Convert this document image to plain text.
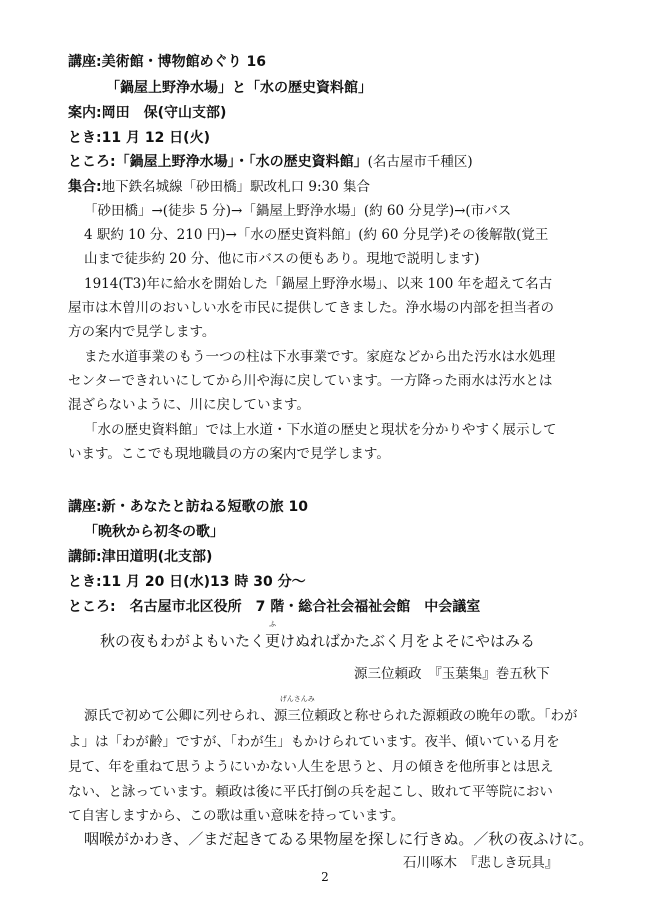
講座:美術館・博物館めぐり 16
「鍋屋上野浄水場」と「水の歴史資料館」
案内:岡田　保(守山支部)
とき:11 月 12 日(火)
ところ:「鍋屋上野浄水場」・「水の歴史資料館」(名古屋市千種区)
集合:地下鉄名城線「砂田橋」駅改札口 9:30 集合
「砂田橋」→(徒歩 5 分)→「鍋屋上野浄水場」(約 60 分見学)→(市バス
4 駅約 10 分、210 円)→「水の歴史資料館」(約 60 分見学)その後解散(覚王
山まで徒歩約 20 分、他に市バスの便もあり。現地で説明します)
1914(T3)年に給水を開始した「鍋屋上野浄水場」、以来 100 年を超えて名古
屋市は木曽川のおいしい水を市民に提供してきました。浄水場の内部を担当者の
方の案内で見学します。
また水道事業のもう一つの柱は下水事業です。家庭などから出た汚水は水処理
センターできれいにしてから川や海に戻しています。一方降った雨水は汚水とは
混ざらないように、川に戻しています。
「水の歴史資料館」では上水道・下水道の歴史と現状を分かりやすく展示して
います。ここでも現地職員の方の案内で見学します。
講座:新・あなたと訪ねる短歌の旅 10
「晩秋から初冬の歌」
講師:津田道明(北支部)
とき:11 月 20 日(水)13 時 30 分～
ところ:　名古屋市北区役所　7 階・総合社会福祉会館　中会議室
秋の夜もわがよもいたく
ふ
更けぬればかたぶく月をよそにやはみる
源三位頼政　『玉葉集』巻五秋下
源氏で初めて公卿に列せられ、
げんさんみ
源三位頼政と称せられた源頼政の晩年の歌。「わが
よ」は「わが齢」ですが、「わが生」もかけられています。夜半、傾いている月を
見て、年を重ねて思うようにいかない人生を思うと、月の傾きを他所事とは思え
ない、と詠っています。頼政は後に平氏打倒の兵を起こし、敗れて平等院におい
て自害しますから、この歌は重い意味を持っています。
咽喉がかわき、／まだ起きてゐる果物屋を探しに行きぬ。／秋の夜ふけに。
石川啄木　『悲しき玩具』
2
